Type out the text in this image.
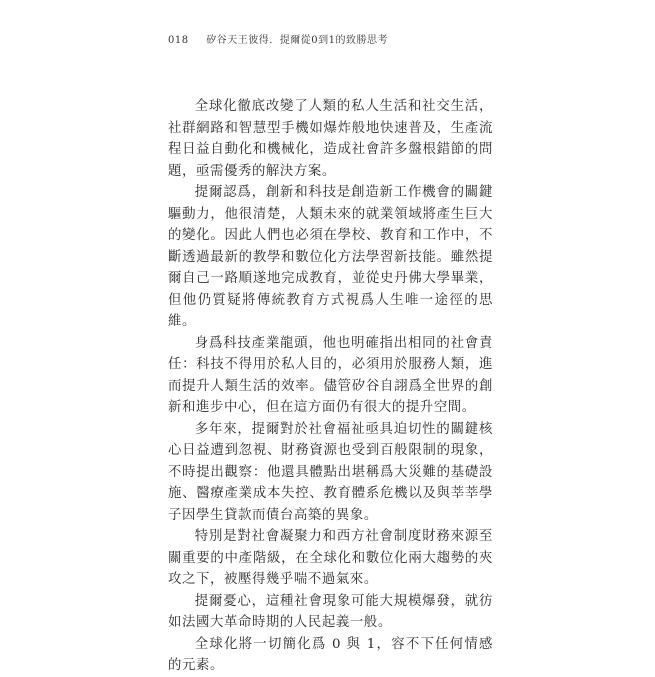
018 矽谷天王彼得．提爾從0到1的致勝思考

全球化徹底改變了人類的私人生活和社交生活，社群網路和智慧型手機如爆炸般地快速普及，生產流程日益自動化和機械化，造成社會許多盤根錯節的問題，亟需優秀的解決方案。

提爾認爲，創新和科技是創造新工作機會的關鍵驅動力，他很清楚，人類未來的就業領域將產生巨大的變化。因此人們也必須在學校、教育和工作中，不斷透過最新的教學和數位化方法學習新技能。雖然提爾自己一路順遂地完成教育，並從史丹佛大學畢業，但他仍質疑將傳統教育方式視爲人生唯一途徑的思維。

身爲科技產業龍頭，他也明確指出相同的社會責任：科技不得用於私人目的，必須用於服務人類，進而提升人類生活的效率。儘管矽谷自詡爲全世界的創新和進步中心，但在這方面仍有很大的提升空間。

多年來，提爾對於社會福祉亟具迫切性的關鍵核心日益遭到忽視、財務資源也受到百般限制的現象，不時提出觀察：他還具體點出堪稱爲大災難的基礎設施、醫療產業成本失控、教育體系危機以及與莘莘學子因學生貸款而債台高築的異象。

特別是對社會凝聚力和西方社會制度財務來源至關重要的中產階級，在全球化和數位化兩大趨勢的夾攻之下，被壓得幾乎喘不過氣來。

提爾憂心，這種社會現象可能大規模爆發，就彷如法國大革命時期的人民起義一般。

全球化將一切簡化爲 0 與 1，容不下任何情感的元素。
